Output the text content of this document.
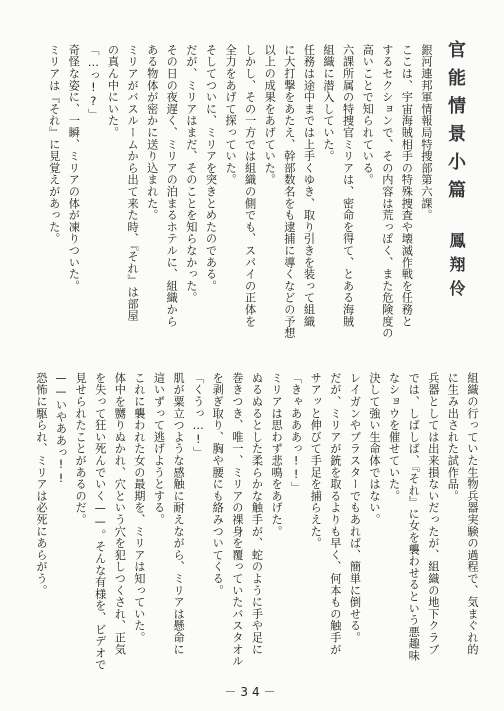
官能情景小篇
鳳翔伶
銀河連邦軍情報局特捜部第六課。
ここは、宇宙海賊相手の特殊捜査や壊滅作戦を任務と
するセクションで、その内容は荒っぽく、また危険度の
高いことで知られている。
六課所属の特捜官ミリアは、密命を得て、とある海賊
組織に潜入していた。
任務は途中までは上手くゆき、取り引きを装って組織
に大打撃をあたえ、幹部数名をも逮捕に導くなどの予想
以上の成果をあげていた。
しかし、その一方では組織の側でも、スパイの正体を
全力をあげて探っていた。
そしてついに、ミリアを突きとめたのである。
だが、ミリアはまだ、そのことを知らなかった。
その日の夜遅く、ミリアの泊まるホテルに、組織から
ある物体が密かに送り込まれた。
ミリアがバスルームから出て来た時、『それ』は部屋
の真ん中にいた。
「…っ!?」
奇怪な姿に、一瞬、ミリアの体が凍りついた。
ミリアは『それ』に見覚えがあった。
組織の行っていた生物兵器実験の過程で、気まぐれ的
に生み出された試作品。
兵器としては出来損ないだったが、組織の地下クラブ
では、しばしば、『それ』に女を襲わせるという悪趣味
なショウを催せていた。
決して強い生命体ではない。
レイガンやブラスターでもあれば、簡単に倒せる。
だが、ミリアが銃を取るよりも早く、何本もの触手が
サアッと伸びて手足を捕らえた。
「きゃあああっ!!」
ミリアは思わず悲鳴をあげた。
ぬるぬるとした柔らかな触手が、蛇のように手や足に
巻きつき、唯一、ミリアの裸身を覆っていたバスタオル
を剥ぎ取り、胸や腰にも絡みついてくる。
「くうっ…!」
肌が粟立つような感触に耐えながら、ミリアは懸命に
這いずって逃げようとする。
これに襲われた女の最期を、ミリアは知っていた。
体中を嬲りぬかれ、穴という穴を犯しつくされ、正気
を失って狂い死んでいく——。そんな有様を、ビデオで
見せられたことがあるのだ。
——いやああっ!!
恐怖に駆られ、ミリアは必死にあらがう。
－34－
